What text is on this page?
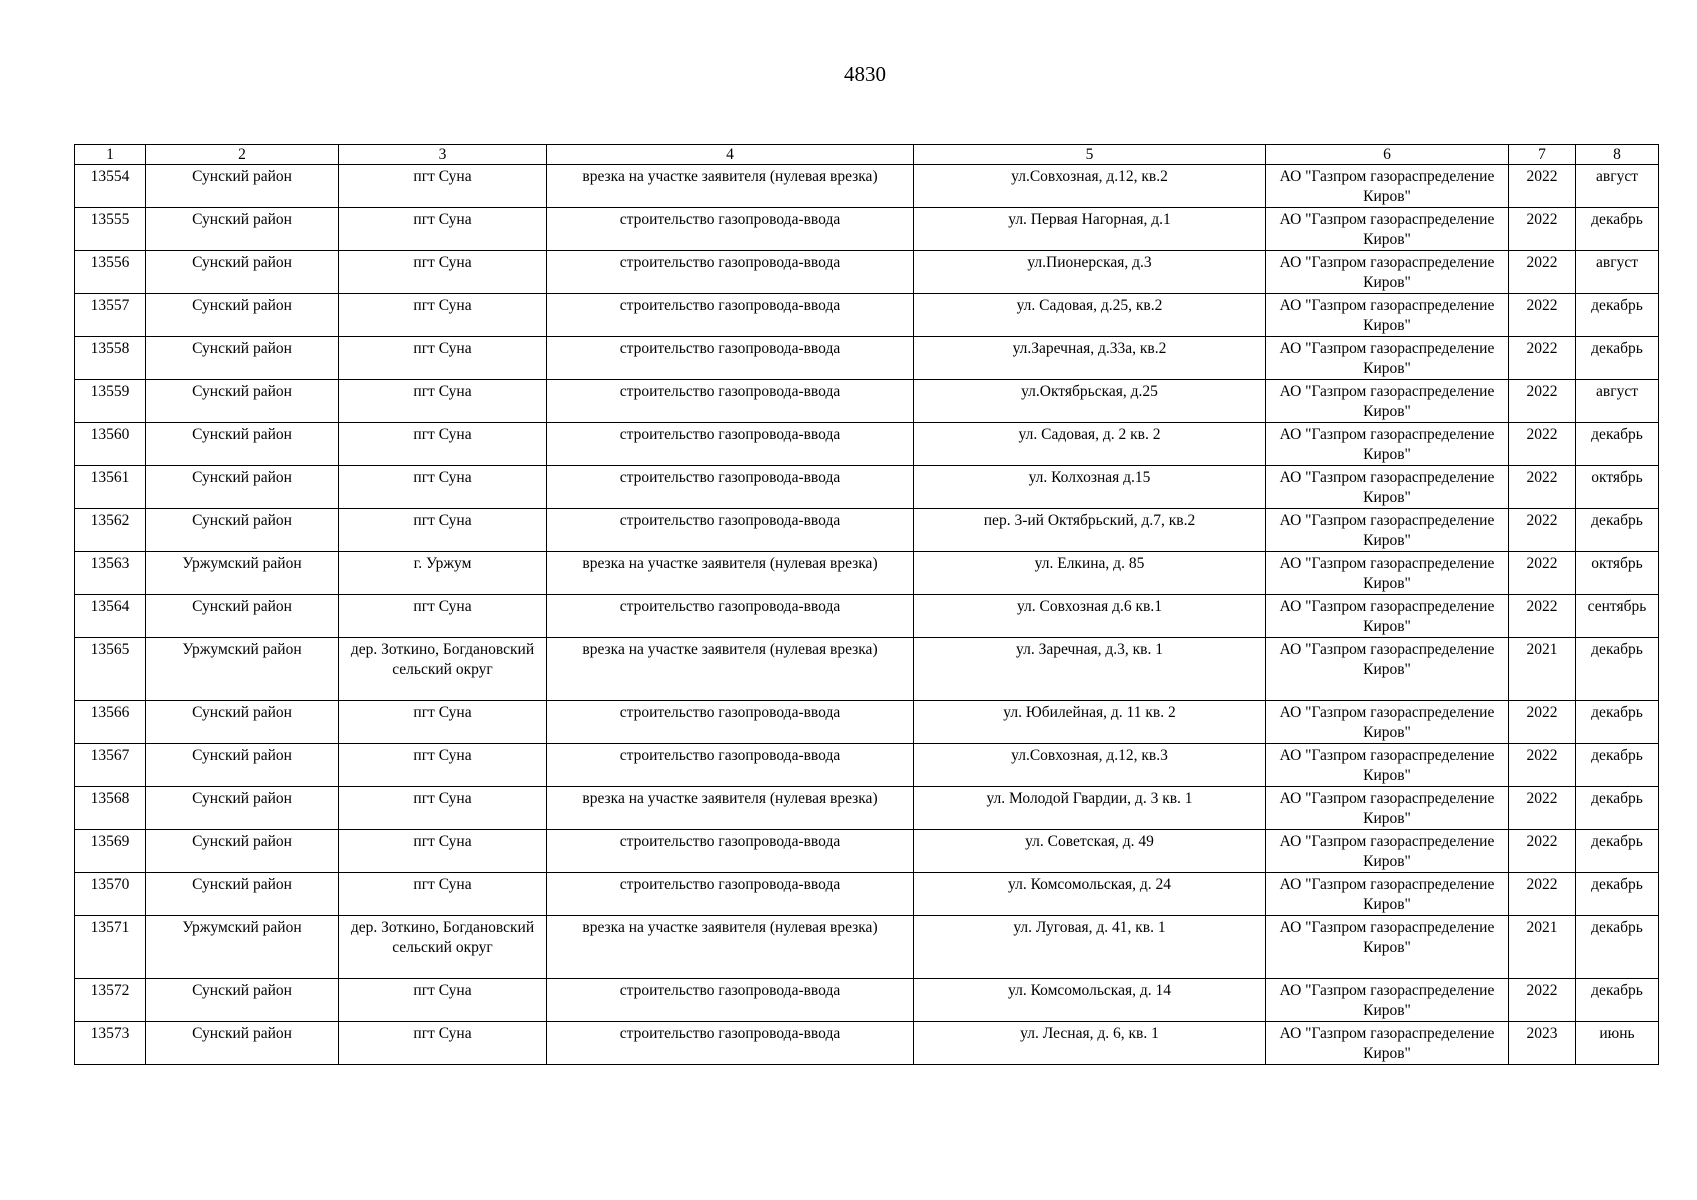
4830
1	2	3	4	5	6	7	8
13554	Сунский район	пгт Суна	врезка на участке заявителя (нулевая врезка)	ул.Совхозная, д.12, кв.2	АО "Газпром газораспределение Киров"	2022	август
13555	Сунский район	пгт Суна	строительство газопровода-ввода	ул. Первая Нагорная, д.1	АО "Газпром газораспределение Киров"	2022	декабрь
13556	Сунский район	пгт Суна	строительство газопровода-ввода	ул.Пионерская, д.3	АО "Газпром газораспределение Киров"	2022	август
13557	Сунский район	пгт Суна	строительство газопровода-ввода	ул. Садовая, д.25, кв.2	АО "Газпром газораспределение Киров"	2022	декабрь
13558	Сунский район	пгт Суна	строительство газопровода-ввода	ул.Заречная, д.33а, кв.2	АО "Газпром газораспределение Киров"	2022	декабрь
13559	Сунский район	пгт Суна	строительство газопровода-ввода	ул.Октябрьская, д.25	АО "Газпром газораспределение Киров"	2022	август
13560	Сунский район	пгт Суна	строительство газопровода-ввода	ул. Садовая, д. 2 кв. 2	АО "Газпром газораспределение Киров"	2022	декабрь
13561	Сунский район	пгт Суна	строительство газопровода-ввода	ул. Колхозная д.15	АО "Газпром газораспределение Киров"	2022	октябрь
13562	Сунский район	пгт Суна	строительство газопровода-ввода	пер. 3-ий Октябрьский, д.7, кв.2	АО "Газпром газораспределение Киров"	2022	декабрь
13563	Уржумский район	г. Уржум	врезка на участке заявителя (нулевая врезка)	ул. Елкина, д. 85	АО "Газпром газораспределение Киров"	2022	октябрь
13564	Сунский район	пгт Суна	строительство газопровода-ввода	ул. Совхозная д.6 кв.1	АО "Газпром газораспределение Киров"	2022	сентябрь
13565	Уржумский район	дер. Зоткино, Богдановский сельский округ	врезка на участке заявителя (нулевая врезка)	ул. Заречная, д.3, кв. 1	АО "Газпром газораспределение Киров"	2021	декабрь
13566	Сунский район	пгт Суна	строительство газопровода-ввода	ул. Юбилейная, д. 11 кв. 2	АО "Газпром газораспределение Киров"	2022	декабрь
13567	Сунский район	пгт Суна	строительство газопровода-ввода	ул.Совхозная, д.12, кв.3	АО "Газпром газораспределение Киров"	2022	декабрь
13568	Сунский район	пгт Суна	врезка на участке заявителя (нулевая врезка)	ул. Молодой Гвардии, д. 3 кв. 1	АО "Газпром газораспределение Киров"	2022	декабрь
13569	Сунский район	пгт Суна	строительство газопровода-ввода	ул. Советская, д. 49	АО "Газпром газораспределение Киров"	2022	декабрь
13570	Сунский район	пгт Суна	строительство газопровода-ввода	ул. Комсомольская, д. 24	АО "Газпром газораспределение Киров"	2022	декабрь
13571	Уржумский район	дер. Зоткино, Богдановский сельский округ	врезка на участке заявителя (нулевая врезка)	ул. Луговая, д. 41, кв. 1	АО "Газпром газораспределение Киров"	2021	декабрь
13572	Сунский район	пгт Суна	строительство газопровода-ввода	ул. Комсомольская, д. 14	АО "Газпром газораспределение Киров"	2022	декабрь
13573	Сунский район	пгт Суна	строительство газопровода-ввода	ул. Лесная, д. 6, кв. 1	АО "Газпром газораспределение Киров"	2023	июнь
